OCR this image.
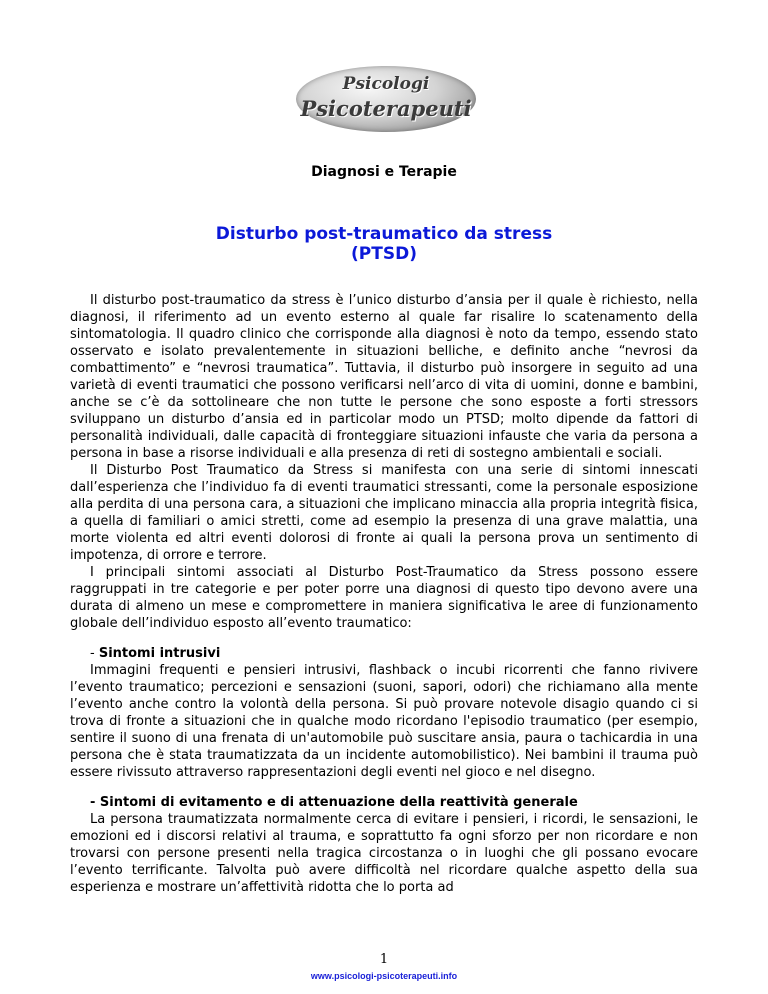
Psicologi
Psicoterapeuti
Diagnosi e Terapie
Disturbo post-traumatico da stress
(PTSD)

Il disturbo post-traumatico da stress è l’unico disturbo d’ansia per il quale è richiesto, nella diagnosi, il riferimento ad un evento esterno al quale far risalire lo scatenamento della sintomatologia. Il quadro clinico che corrisponde alla diagnosi è noto da tempo, essendo stato osservato e isolato prevalentemente in situazioni belliche, e definito anche “nevrosi da combattimento” e “nevrosi traumatica”. Tuttavia, il disturbo può insorgere in seguito ad una varietà di eventi traumatici che possono verificarsi nell’arco di vita di uomini, donne e bambini, anche se c’è da sottolineare che non tutte le persone che sono esposte a forti stressors sviluppano un disturbo d’ansia ed in particolar modo un PTSD; molto dipende da fattori di personalità individuali, dalle capacità di fronteggiare situazioni infauste che varia da persona a persona in base a risorse individuali e alla presenza di reti di sostegno ambientali e sociali.

Il Disturbo Post Traumatico da Stress si manifesta con una serie di sintomi innescati dall’esperienza che l’individuo fa di eventi traumatici stressanti, come la personale esposizione alla perdita di una persona cara, a situazioni che implicano minaccia alla propria integrità fisica, a quella di familiari o amici stretti, come ad esempio la presenza di una grave malattia, una morte violenta ed altri eventi dolorosi di fronte ai quali la persona prova un sentimento di impotenza, di orrore e terrore.

I principali sintomi associati al Disturbo Post-Traumatico da Stress possono essere raggruppati in tre categorie e per poter porre una diagnosi di questo tipo devono avere una durata di almeno un mese e compromettere in maniera significativa le aree di funzionamento globale dell’individuo esposto all’evento traumatico:

- Sintomi intrusivi

Immagini frequenti e pensieri intrusivi, flashback o incubi ricorrenti che fanno rivivere l’evento traumatico; percezioni e sensazioni (suoni, sapori, odori) che richiamano alla mente l’evento anche contro la volontà della persona. Si può provare notevole disagio quando ci si trova di fronte a situazioni che in qualche modo ricordano l'episodio traumatico (per esempio, sentire il suono di una frenata di un'automobile può suscitare ansia, paura o tachicardia in una persona che è stata traumatizzata da un incidente automobilistico). Nei bambini il trauma può essere rivissuto attraverso rappresentazioni degli eventi nel gioco e nel disegno.

- Sintomi di evitamento e di attenuazione della reattività generale

La persona traumatizzata normalmente cerca di evitare i pensieri, i ricordi, le sensazioni, le emozioni ed i discorsi relativi al trauma, e soprattutto fa ogni sforzo per non ricordare e non trovarsi con persone presenti nella tragica circostanza o in luoghi che gli possano evocare l’evento terrificante. Talvolta può avere difficoltà nel ricordare qualche aspetto della sua esperienza e mostrare un’affettività ridotta che lo porta ad

1
www.psicologi-psicoterapeuti.info
